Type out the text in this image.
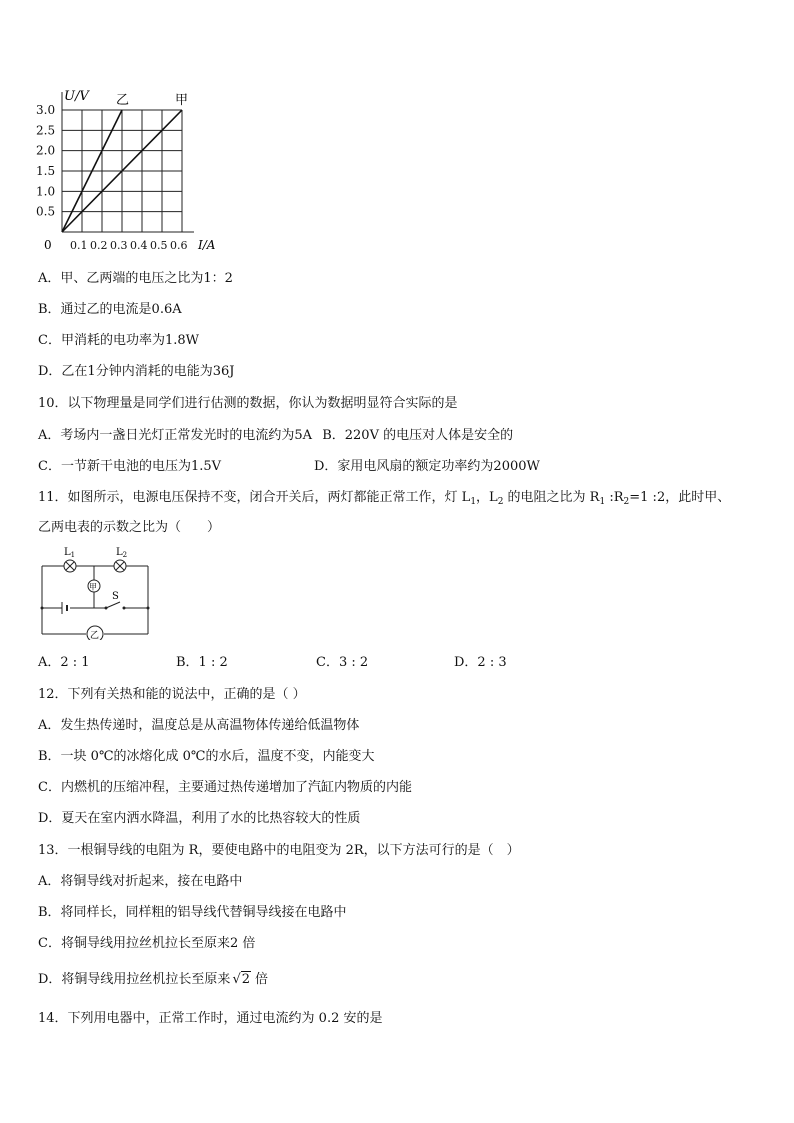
0.5
1.0
1.5
2.0
2.5
3.0
0.1 0.2 0.3 0.4 0.5 0.6
U/V
I/A
0
乙	甲
A．甲、乙两端的电压之比为1：2
B．通过乙的电流是0.6A
C．甲消耗的电功率为1.8W
D．乙在1分钟内消耗的电能为36J
10．以下物理量是同学们进行估测的数据，你认为数据明显符合实际的是
A．考场内一盏日光灯正常发光时的电流约为5A B．220V 的电压对人体是安全的
C．一节新干电池的电压为1.5V	D．家用电风扇的额定功率约为2000W
11．如图所示，电源电压保持不变，闭合开关后，两灯都能正常工作，灯 $L_1$，$L_2$ 的电阻之比为 $R_1$ $:R_2=1$ :2，此时甲、
乙两电表的示数之比为（　　）
甲
乙
$L_1$	$L_2$
S
A．2 : 1	B．1 : 2	C．3 : 2	D．2 : 3
12．下列有关热和能的说法中，正确的是（ ）
A．发生热传递时，温度总是从高温物体传递给低温物体
B．一块 0℃的冰熔化成 0℃的水后，温度不变，内能变大
C．内燃机的压缩冲程，主要通过热传递增加了汽缸内物质的内能
D．夏天在室内洒水降温，利用了水的比热容较大的性质
13．一根铜导线的电阻为 R，要使电路中的电阻变为 2R，以下方法可行的是（　）
A．将铜导线对折起来，接在电路中
B．将同样长，同样粗的铝导线代替铜导线接在电路中
C．将铜导线用拉丝机拉长至原来2 倍
D．将铜导线用拉丝机拉长至原来 √2 倍
14．下列用电器中，正常工作时，通过电流约为 0.2 安的是
